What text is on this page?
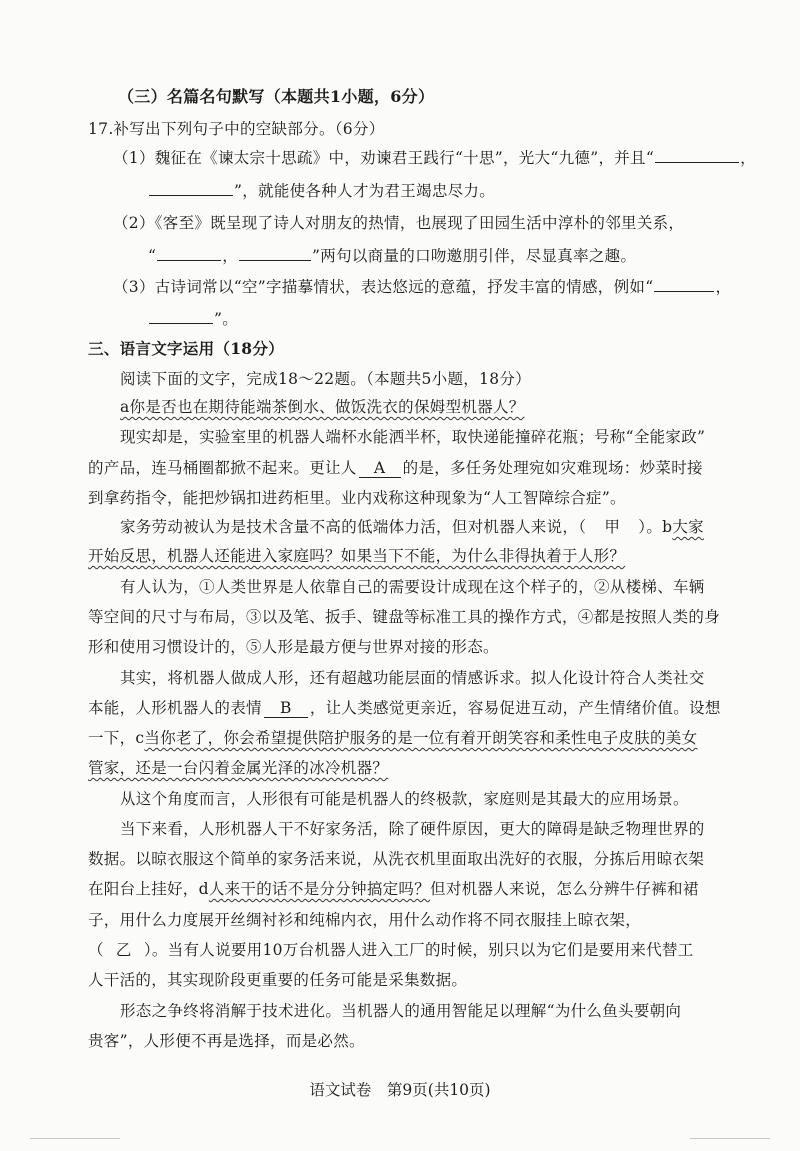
（三）名篇名句默写（本题共1小题，6分）
17.补写出下列句子中的空缺部分。（6分）
（1）魏征在《谏太宗十思疏》中，劝谏君王践行“十思”，光大“九德”，并且“	，
”，就能使各种人才为君王竭忠尽力。
（2）《客至》既呈现了诗人对朋友的热情，也展现了田园生活中淳朴的邻里关系，
“	，	”两句以商量的口吻邀朋引伴，尽显真率之趣。
（3）古诗词常以“空”字描摹情状，表达悠远的意蕴，抒发丰富的情感，例如“	，
”。
三、语言文字运用（18分）
阅读下面的文字，完成18～22题。（本题共5小题，18分）
a你是否也在期待能端茶倒水、做饭洗衣的保姆型机器人？
现实却是，实验室里的机器人端杯水能洒半杯，取快递能撞碎花瓶；号称“全能家政”
的产品，连马桶圈都掀不起来。更让人 A 的是，多任务处理宛如灾难现场：炒菜时接
到拿药指令，能把炒锅扣进药柜里。业内戏称这种现象为“人工智障综合症”。
家务劳动被认为是技术含量不高的低端体力活，但对机器人来说，（ 甲 ）。b大家
开始反思，机器人还能进入家庭吗？如果当下不能，为什么非得执着于人形？
有人认为，①人类世界是人依靠自己的需要设计成现在这个样子的，②从楼梯、车辆
等空间的尺寸与布局，③以及笔、扳手、键盘等标准工具的操作方式，④都是按照人类的身
形和使用习惯设计的，⑤人形是最方便与世界对接的形态。
其实，将机器人做成人形，还有超越功能层面的情感诉求。拟人化设计符合人类社交
本能，人形机器人的表情 B ，让人类感觉更亲近，容易促进互动，产生情绪价值。设想
一下，c当你老了，你会希望提供陪护服务的是一位有着开朗笑容和柔性电子皮肤的美女
管家，还是一台闪着金属光泽的冰冷机器？
从这个角度而言，人形很有可能是机器人的终极款，家庭则是其最大的应用场景。
当下来看，人形机器人干不好家务活，除了硬件原因，更大的障碍是缺乏物理世界的
数据。以晾衣服这个简单的家务活来说，从洗衣机里面取出洗好的衣服，分拣后用晾衣架
在阳台上挂好，d人来干的话不是分分钟搞定吗？但对机器人来说，怎么分辨牛仔裤和裙
子，用什么力度展开丝绸衬衫和纯棉内衣，用什么动作将不同衣服挂上晾衣架，
（ 乙 ）。当有人说要用10万台机器人进入工厂的时候，别只以为它们是要用来代替工
人干活的，其实现阶段更重要的任务可能是采集数据。
形态之争终将消解于技术进化。当机器人的通用智能足以理解“为什么鱼头要朝向
贵客”，人形便不再是选择，而是必然。
语文试卷　第9页(共10页)
